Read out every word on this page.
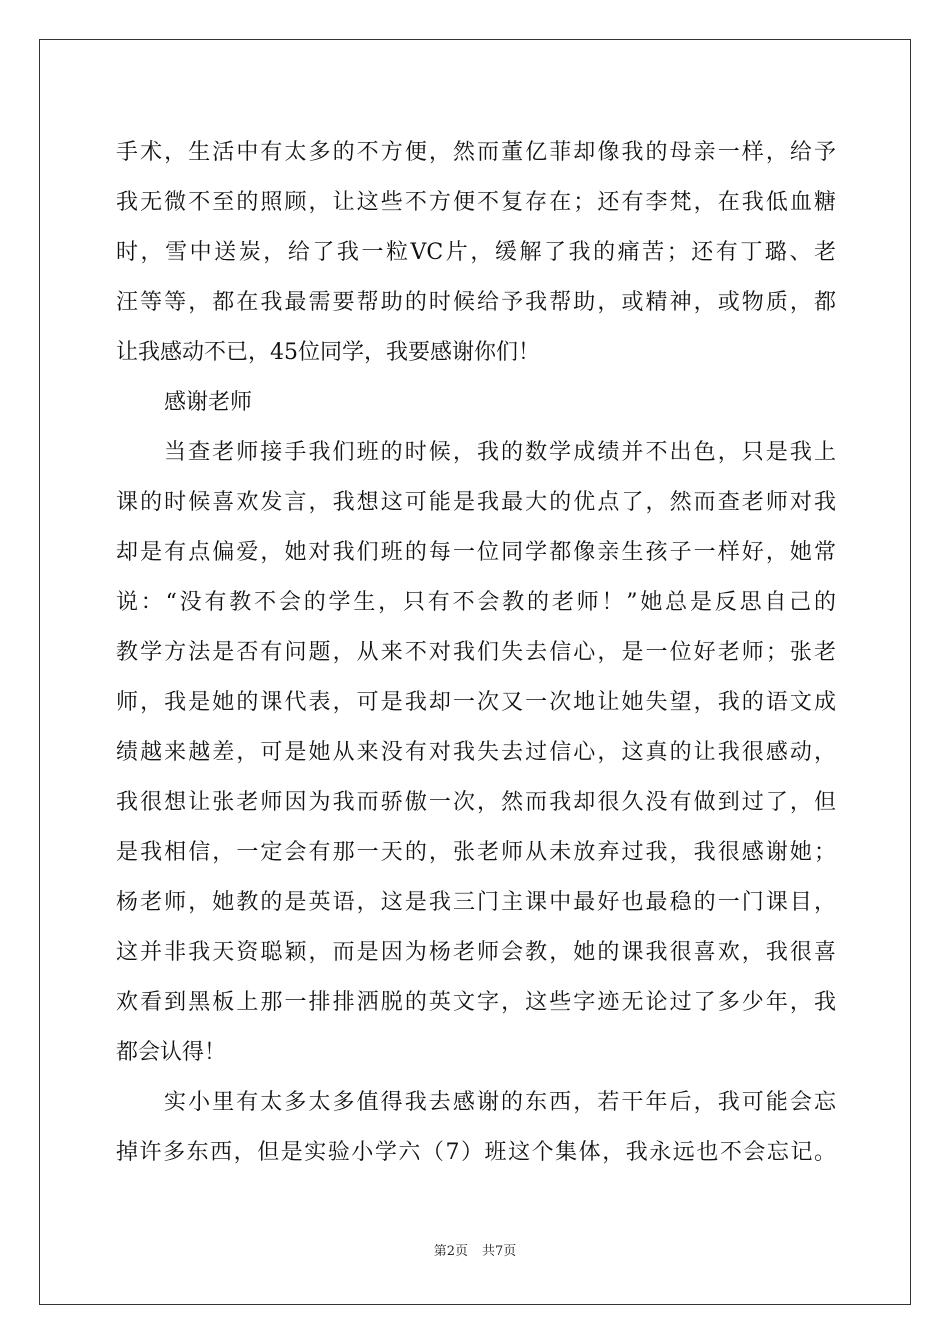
手术，生活中有太多的不方便，然而董亿菲却像我的母亲一样，给予
我无微不至的照顾，让这些不方便不复存在；还有李梵，在我低血糖
时，雪中送炭，给了我一粒VC片，缓解了我的痛苦；还有丁璐、老
汪等等，都在我最需要帮助的时候给予我帮助，或精神，或物质，都
让我感动不已，45位同学，我要感谢你们！
感谢老师
当查老师接手我们班的时候，我的数学成绩并不出色，只是我上
课的时候喜欢发言，我想这可能是我最大的优点了，然而查老师对我
却是有点偏爱，她对我们班的每一位同学都像亲生孩子一样好，她常
说：“没有教不会的学生，只有不会教的老师！”她总是反思自己的
教学方法是否有问题，从来不对我们失去信心，是一位好老师；张老
师，我是她的课代表，可是我却一次又一次地让她失望，我的语文成
绩越来越差，可是她从来没有对我失去过信心，这真的让我很感动，
我很想让张老师因为我而骄傲一次，然而我却很久没有做到过了，但
是我相信，一定会有那一天的，张老师从未放弃过我，我很感谢她；
杨老师，她教的是英语，这是我三门主课中最好也最稳的一门课目，
这并非我天资聪颖，而是因为杨老师会教，她的课我很喜欢，我很喜
欢看到黑板上那一排排洒脱的英文字，这些字迹无论过了多少年，我
都会认得！
实小里有太多太多值得我去感谢的东西，若干年后，我可能会忘
掉许多东西，但是实验小学六（7）班这个集体，我永远也不会忘记。
第2页 共7页
